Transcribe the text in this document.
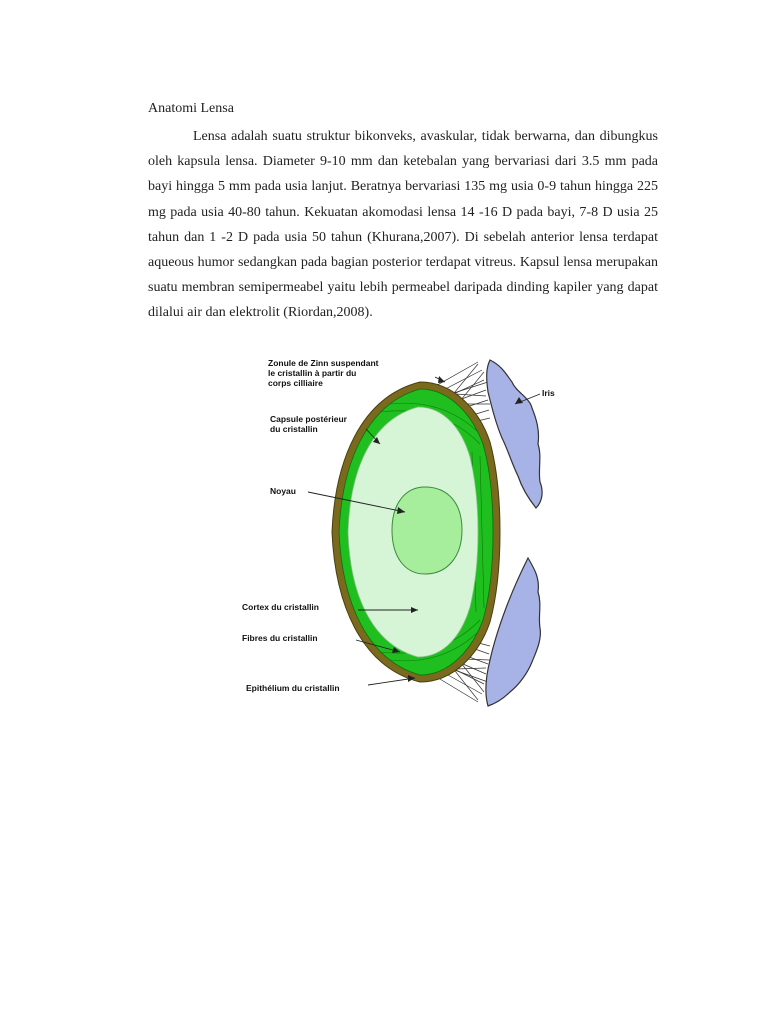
Anatomi Lensa

Lensa adalah suatu struktur bikonveks, avaskular, tidak berwarna, dan dibungkus oleh kapsula lensa. Diameter 9-10 mm dan ketebalan yang bervariasi dari 3.5 mm pada bayi hingga 5 mm pada usia lanjut. Beratnya bervariasi 135 mg usia 0-9 tahun hingga 225 mg pada usia 40-80 tahun. Kekuatan akomodasi lensa 14 -16 D pada bayi, 7-8 D usia 25 tahun dan 1 -2 D pada usia 50 tahun (Khurana,2007). Di sebelah anterior lensa terdapat aqueous humor sedangkan pada bagian posterior terdapat vitreus. Kapsul lensa merupakan suatu membran semipermeabel yaitu lebih permeabel daripada dinding kapiler yang dapat dilalui air dan elektrolit (Riordan,2008).

Zonule de Zinn suspendant
le cristallin à partir du
corps cilliaire
Iris
Capsule postérieur
du cristallin
Noyau
Cortex du cristallin
Fibres du cristallin
Epithélium du cristallin
